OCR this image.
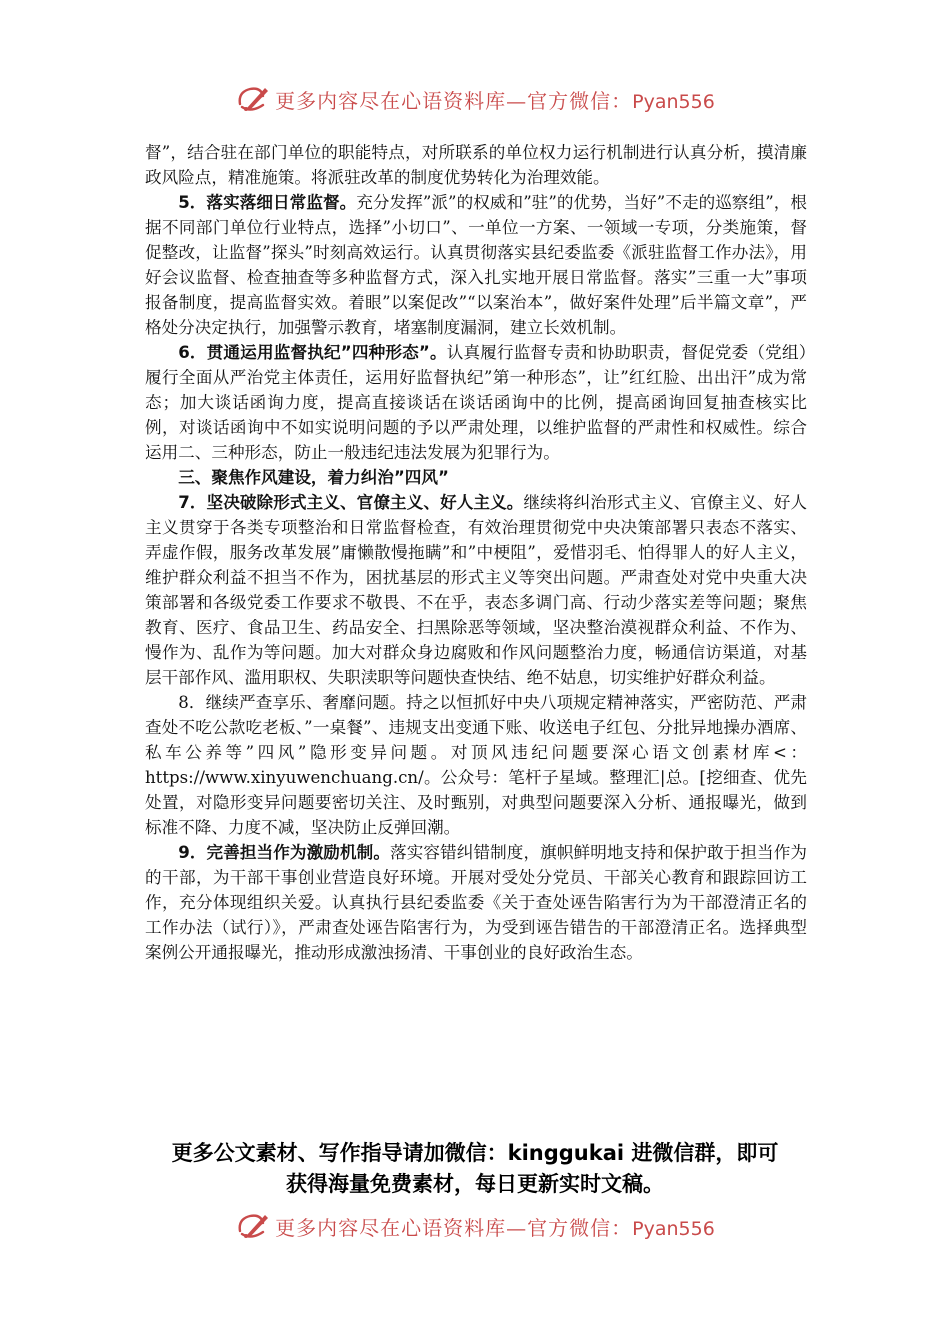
更多内容尽在心语资料库—官方微信：Pyan556

督”，结合驻在部门单位的职能特点，对所联系的单位权力运行机制进行认真分析，摸清廉政风险点，精准施策。将派驻改革的制度优势转化为治理效能。

5．落实落细日常监督。充分发挥”派”的权威和”驻”的优势，当好”不走的巡察组”，根据不同部门单位行业特点，选择”小切口”、一单位一方案、一领域一专项，分类施策，督促整改，让监督”探头”时刻高效运行。认真贯彻落实县纪委监委《派驻监督工作办法》，用好会议监督、检查抽查等多种监督方式，深入扎实地开展日常监督。落实”三重一大”事项报备制度，提高监督实效。着眼”以案促改”“以案治本”，做好案件处理”后半篇文章”，严格处分决定执行，加强警示教育，堵塞制度漏洞，建立长效机制。

6．贯通运用监督执纪”四种形态”。认真履行监督专责和协助职责，督促党委（党组）履行全面从严治党主体责任，运用好监督执纪”第一种形态”，让”红红脸、出出汗”成为常态；加大谈话函询力度，提高直接谈话在谈话函询中的比例，提高函询回复抽查核实比例，对谈话函询中不如实说明问题的予以严肃处理，以维护监督的严肃性和权威性。综合运用二、三种形态，防止一般违纪违法发展为犯罪行为。

三、聚焦作风建设，着力纠治”四风”

7．坚决破除形式主义、官僚主义、好人主义。继续将纠治形式主义、官僚主义、好人主义贯穿于各类专项整治和日常监督检查，有效治理贯彻党中央决策部署只表态不落实、弄虚作假，服务改革发展”庸懒散慢拖瞒”和”中梗阻”，爱惜羽毛、怕得罪人的好人主义，维护群众利益不担当不作为，困扰基层的形式主义等突出问题。严肃查处对党中央重大决策部署和各级党委工作要求不敬畏、不在乎，表态多调门高、行动少落实差等问题；聚焦教育、医疗、食品卫生、药品安全、扫黑除恶等领域，坚决整治漠视群众利益、不作为、慢作为、乱作为等问题。加大对群众身边腐败和作风问题整治力度，畅通信访渠道，对基层干部作风、滥用职权、失职渎职等问题快查快结、绝不姑息，切实维护好群众利益。

8．继续严查享乐、奢靡问题。持之以恒抓好中央八项规定精神落实，严密防范、严肃查处不吃公款吃老板、”一桌餐”、违规支出变通下账、收送电子红包、分批异地操办酒席、私车公养等”四风”隐形变异问题。对顶风违纪问题要深心语文创素材库<：https://www.xinyuwenchuang.cn/。公众号：笔杆子星域。整理汇|总。[挖细查、优先处置，对隐形变异问题要密切关注、及时甄别，对典型问题要深入分析、通报曝光，做到标准不降、力度不减，坚决防止反弹回潮。

9．完善担当作为激励机制。落实容错纠错制度，旗帜鲜明地支持和保护敢于担当作为的干部，为干部干事创业营造良好环境。开展对受处分党员、干部关心教育和跟踪回访工作，充分体现组织关爱。认真执行县纪委监委《关于查处诬告陷害行为为干部澄清正名的工作办法（试行）》，严肃查处诬告陷害行为，为受到诬告错告的干部澄清正名。选择典型案例公开通报曝光，推动形成激浊扬清、干事创业的良好政治生态。

更多公文素材、写作指导请加微信：kinggukai 进微信群，即可
获得海量免费素材，每日更新实时文稿。
更多内容尽在心语资料库—官方微信：Pyan556
